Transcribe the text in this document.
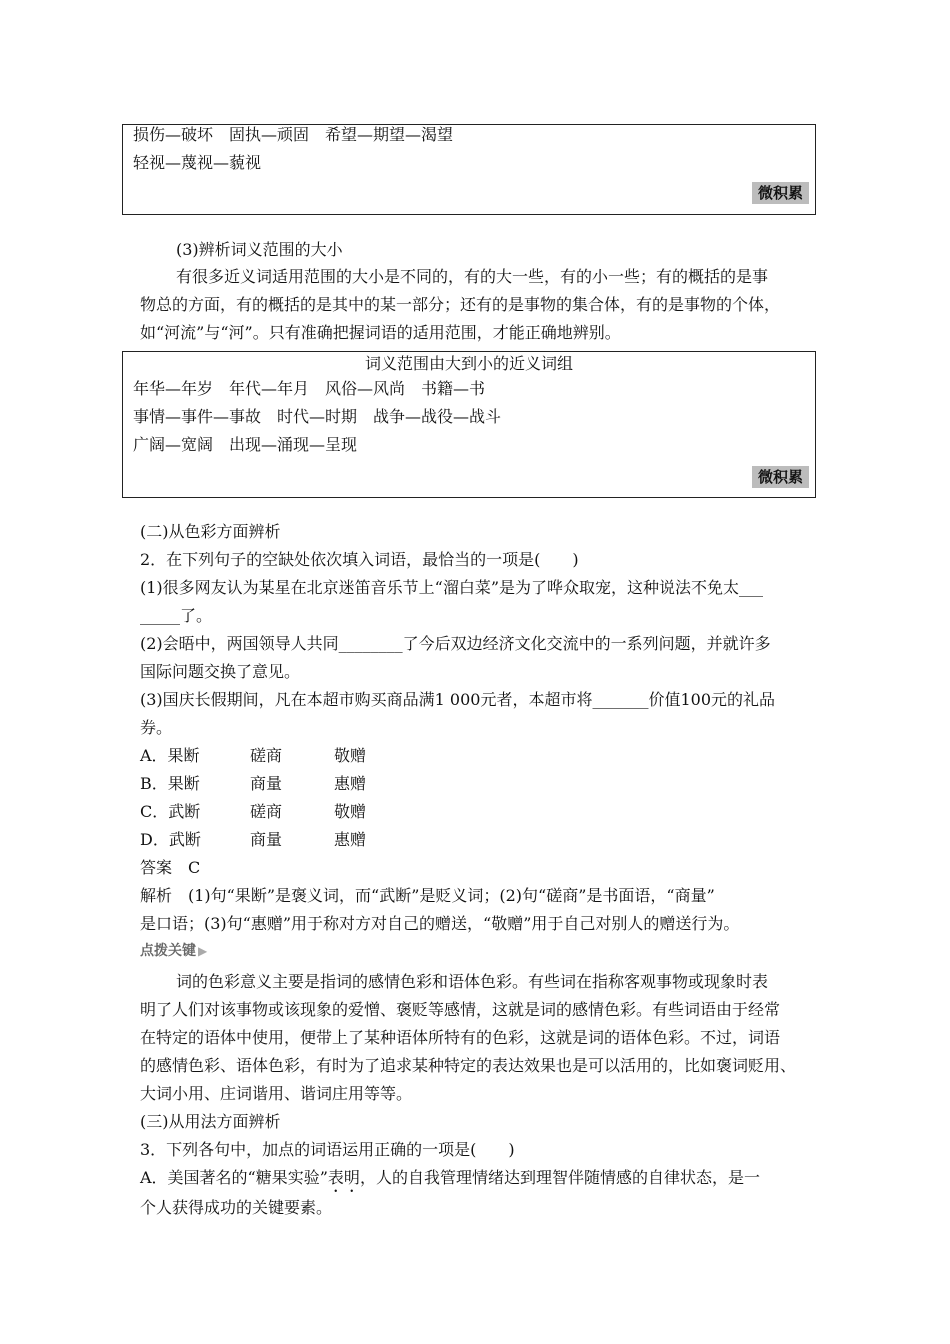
损伤—破坏　固执—顽固　希望—期望—渴望
轻视—蔑视—藐视
微积累
(3)辨析词义范围的大小
有很多近义词适用范围的大小是不同的，有的大一些，有的小一些；有的概括的是事
物总的方面，有的概括的是其中的某一部分；还有的是事物的集合体，有的是事物的个体，
如“河流”与“河”。只有准确把握词语的适用范围，才能正确地辨别。
词义范围由大到小的近义词组
年华—年岁　年代—年月　风俗—风尚　书籍—书
事情—事件—事故　时代—时期　战争—战役—战斗
广阔—宽阔　出现—涌现—呈现
微积累
(二)从色彩方面辨析
2．在下列句子的空缺处依次填入词语，最恰当的一项是(　　)
(1)很多网友认为某星在北京迷笛音乐节上“溜白菜”是为了哗众取宠，这种说法不免太___
_____了。
(2)会晤中，两国领导人共同________了今后双边经济文化交流中的一系列问题，并就许多
国际问题交换了意见。
(3)国庆长假期间，凡在本超市购买商品满1 000元者，本超市将_______价值100元的礼品
券。
A．果断	磋商	敬赠
B．果断	商量	惠赠
C．武断	磋商	敬赠
D．武断	商量	惠赠
答案　C
解析　(1)句“果断”是褒义词，而“武断”是贬义词；(2)句“磋商”是书面语，“商量”
是口语；(3)句“惠赠”用于称对方对自己的赠送，“敬赠”用于自己对别人的赠送行为。
点拨关键 ▶
词的色彩意义主要是指词的感情色彩和语体色彩。有些词在指称客观事物或现象时表
明了人们对该事物或该现象的爱憎、褒贬等感情，这就是词的感情色彩。有些词语由于经常
在特定的语体中使用，便带上了某种语体所特有的色彩，这就是词的语体色彩。不过，词语
的感情色彩、语体色彩，有时为了追求某种特定的表达效果也是可以活用的，比如褒词贬用、
大词小用、庄词谐用、谐词庄用等等。
(三)从用法方面辨析
3．下列各句中，加点的词语运用正确的一项是(　　)
A．美国著名的“糖果实验”表明，人的自我管理情绪达到理智伴随情感的自律状态，是一
个人获得成功的关键要素。
